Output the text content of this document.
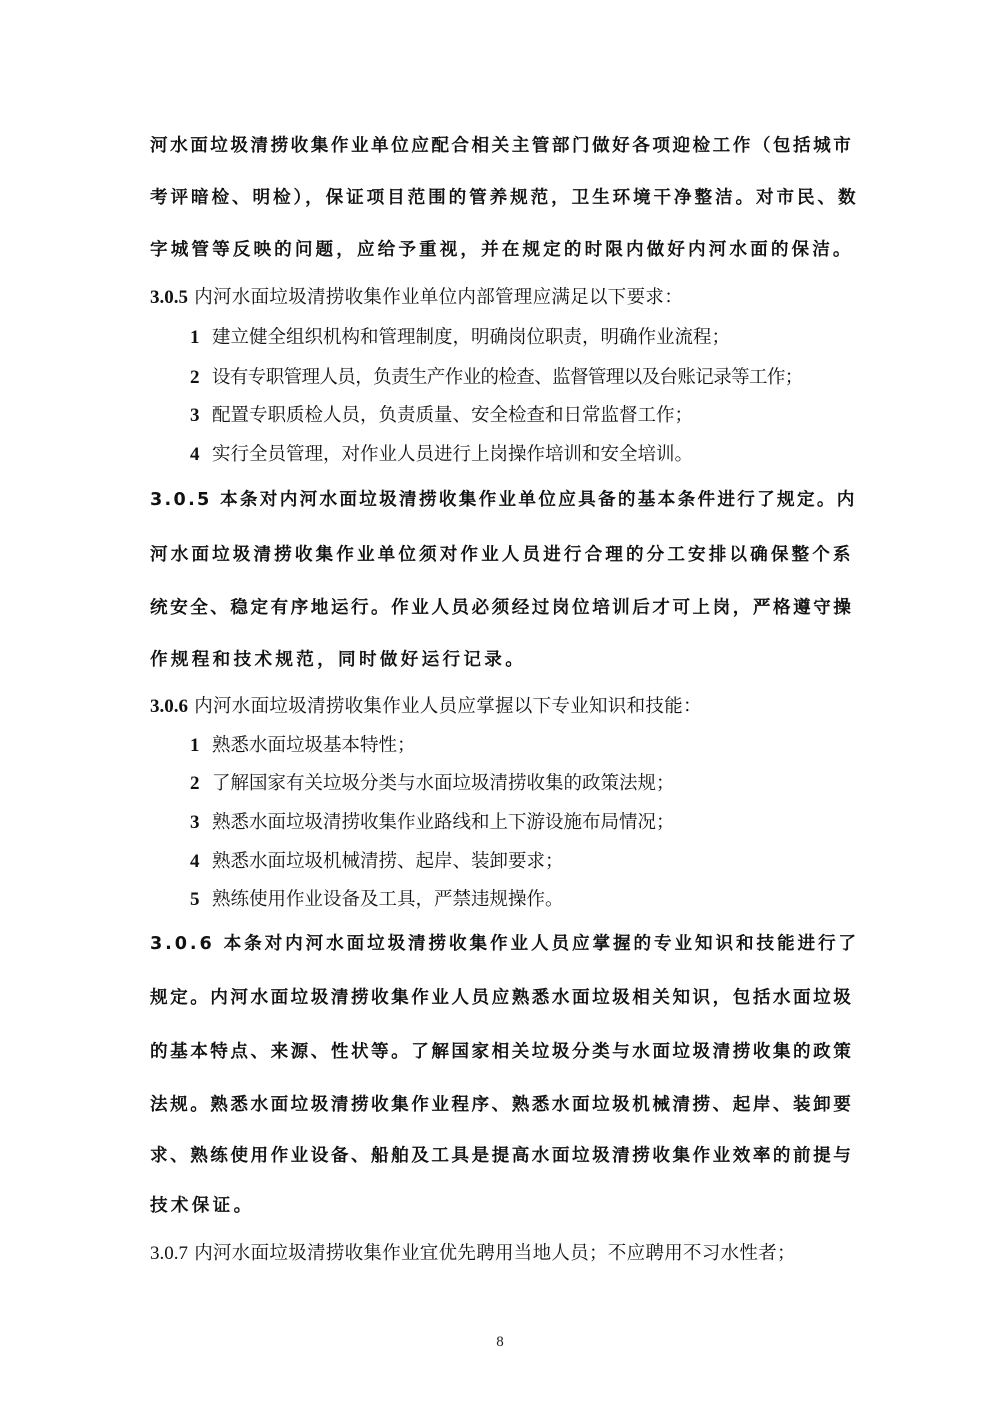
河水面垃圾清捞收集作业单位应配合相关主管部门做好各项迎检工作（包括城市
考评暗检、明检），保证项目范围的管养规范，卫生环境干净整洁。对市民、数
字城管等反映的问题，应给予重视，并在规定的时限内做好内河水面的保洁。
3.0.5 内河水面垃圾清捞收集作业单位内部管理应满足以下要求：
1 建立健全组织机构和管理制度，明确岗位职责，明确作业流程；
2 设有专职管理人员，负责生产作业的检查、监督管理以及台账记录等工作；
3 配置专职质检人员，负责质量、安全检查和日常监督工作；
4 实行全员管理，对作业人员进行上岗操作培训和安全培训。
3.0.5 本条对内河水面垃圾清捞收集作业单位应具备的基本条件进行了规定。内
河水面垃圾清捞收集作业单位须对作业人员进行合理的分工安排以确保整个系
统安全、稳定有序地运行。作业人员必须经过岗位培训后才可上岗，严格遵守操
作规程和技术规范，同时做好运行记录。
3.0.6 内河水面垃圾清捞收集作业人员应掌握以下专业知识和技能：
1 熟悉水面垃圾基本特性；
2 了解国家有关垃圾分类与水面垃圾清捞收集的政策法规；
3 熟悉水面垃圾清捞收集作业路线和上下游设施布局情况；
4 熟悉水面垃圾机械清捞、起岸、装卸要求；
5 熟练使用作业设备及工具，严禁违规操作。
3.0.6 本条对内河水面垃圾清捞收集作业人员应掌握的专业知识和技能进行了
规定。内河水面垃圾清捞收集作业人员应熟悉水面垃圾相关知识，包括水面垃圾
的基本特点、来源、性状等。了解国家相关垃圾分类与水面垃圾清捞收集的政策
法规。熟悉水面垃圾清捞收集作业程序、熟悉水面垃圾机械清捞、起岸、装卸要
求、熟练使用作业设备、船舶及工具是提高水面垃圾清捞收集作业效率的前提与
技术保证。
3.0.7 内河水面垃圾清捞收集作业宜优先聘用当地人员；不应聘用不习水性者；
8
